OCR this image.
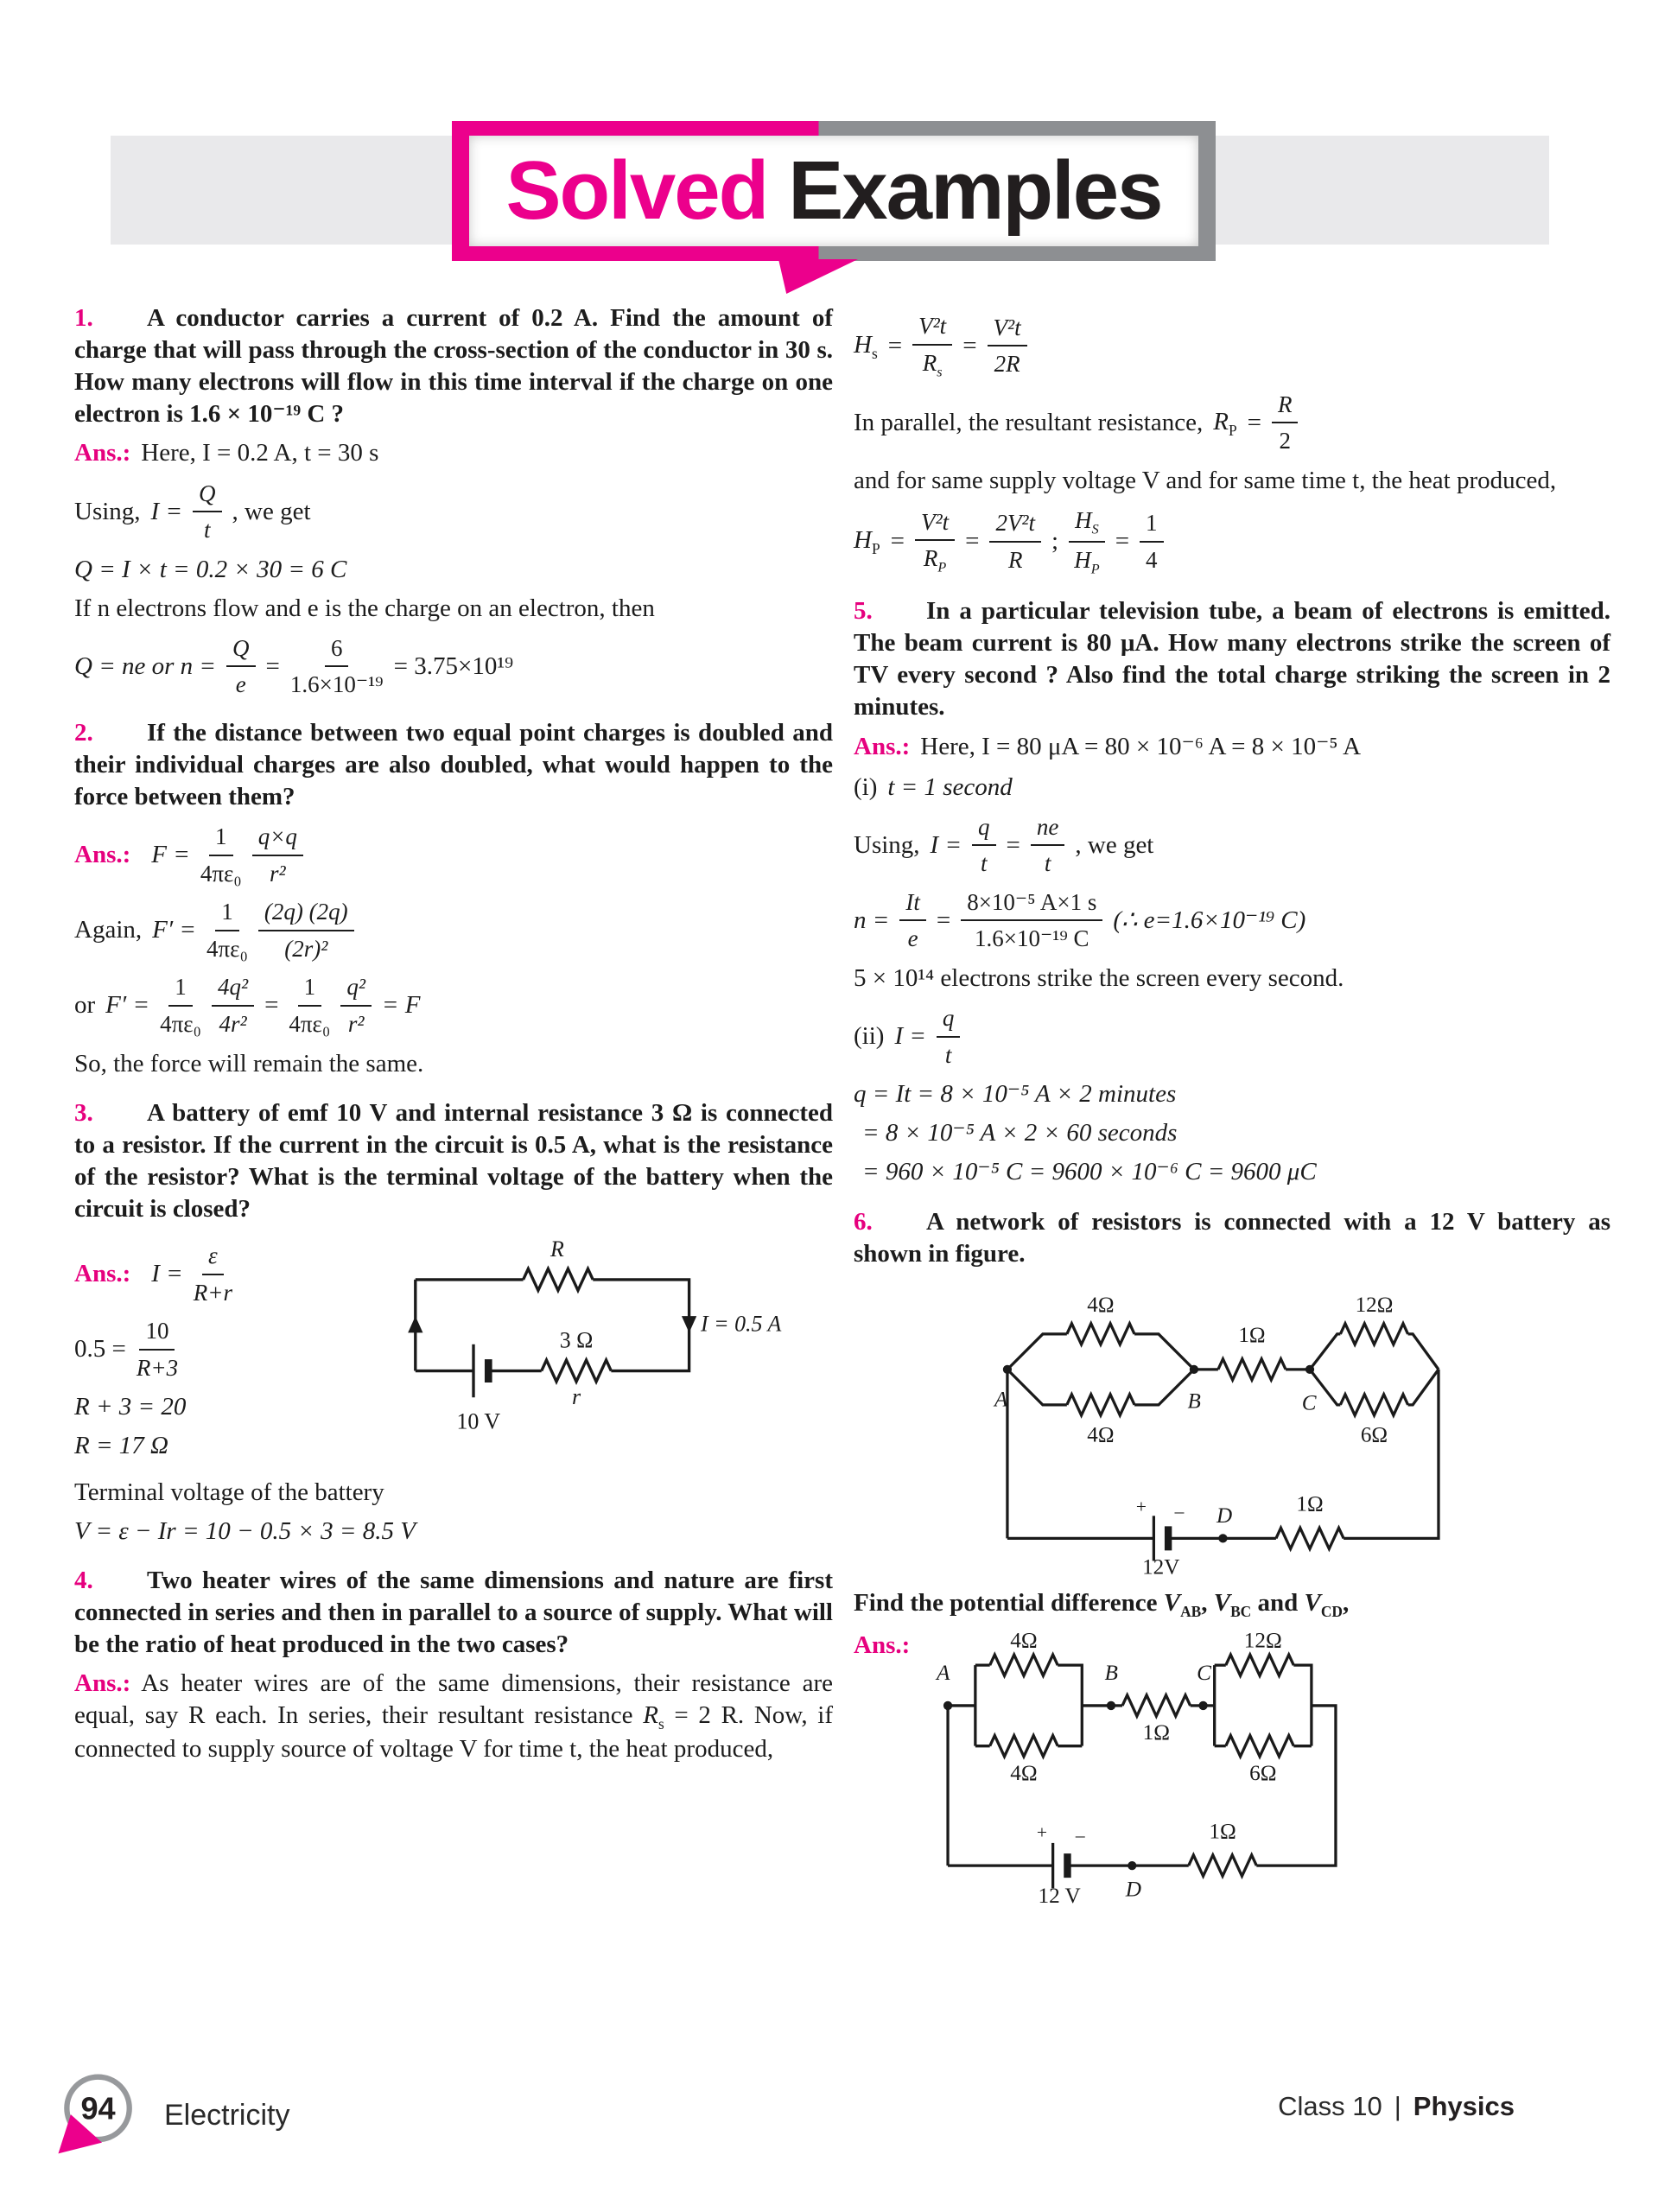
Solved Examples

1. A conductor carries a current of 0.2 A. Find the amount of charge that will pass through the cross-section of the conductor in 30 s. How many electrons will flow in this time interval if the charge on one electron is 1.6 × 10⁻¹⁹ C ?

Ans.: Here, I = 0.2 A, t = 30 s

Using, $I = \frac{Q}{t}$ , we get

Q = I × t = 0.2 × 30 = 6 C

If n electrons flow and e is the charge on an electron, then

Q = ne or $n = \frac{Q}{e} = \frac{6}{\text{1.6×10⁻¹⁹}} = 3.75\times 10^{19}$

2. If the distance between two equal point charges is doubled and their individual charges are also doubled, what would happen to the force between them?

Ans.: $F = \frac{1}{\text{4πε₀}} \frac{q\times q}{\text{r²}}$
Again, $F' = \frac{1}{\text{4πε₀}} \frac{(2q) (2q)}{\text{(2r)²}}$
or $F' = \frac{1}{\text{4πε₀}} \frac{\text{4q²}}{\text{4r²}} = \frac{1}{\text{4πε₀}} \frac{\text{q²}}{\text{r²}} = F$

So, the force will remain the same.

3. A battery of emf 10 V and internal resistance 3 Ω is connected to a resistor. If the current in the circuit is 0.5 A, what is the resistance of the resistor? What is the terminal voltage of the battery when the circuit is closed?

Ans.: $I = \frac{\varepsilon}{R+r}$
$0.5 = \frac{10}{R+3}$

R + 3 = 20

R = 17 Ω

R
I = 0.5 A
3 Ω
r
10 V

Terminal voltage of the battery

V = ε − Ir = 10 − 0.5 × 3 = 8.5 V

4. Two heater wires of the same dimensions and nature are first connected in series and then in parallel to a source of supply. What will be the ratio of heat produced in the two cases?

Ans.: As heater wires are of the same dimensions, their resistance are equal, say R each. In series, their resultant resistance $R_s = 2$ R. Now, if connected to supply source of voltage V for time t, the heat produced,

$H_s = \frac{\text{V²t}}{R_s} = \frac{\text{V²t}}{2R}$
In parallel, the resultant resistance, $R_P = \frac{R}{2}$

and for same supply voltage V and for same time t, the heat produced,

$H_P = \frac{\text{V²t}}{R_P} = \frac{\text{2V²t}}{R}$ ; $\frac{H_S}{H_P} = \frac{1}{4}$

5. In a particular television tube, a beam of electrons is emitted. The beam current is 80 μA. How many electrons strike the screen of TV every second ? Also find the total charge striking the screen in 2 minutes.

Ans.: Here, I = 80 μA = 80 × 10⁻⁶ A = 8 × 10⁻⁵ A

(i) t = 1 second
Using, $I = \frac{q}{t} = \frac{ne}{t}$ , we get
$n = \frac{It}{e} = \frac{\text{8×10⁻⁵ A×1 s}}{\text{1.6×10⁻¹⁹ C}}$ (∴ e=1.6×10⁻¹⁹ C)

5 × 10¹⁴ electrons strike the screen every second.

(ii) $I = \frac{q}{t}$

q = It = 8 × 10⁻⁵ A × 2 minutes

= 8 × 10⁻⁵ A × 2 × 60 seconds

= 960 × 10⁻⁵ C = 9600 × 10⁻⁶ C = 9600 μC

6. A network of resistors is connected with a 12 V battery as shown in figure.

4Ω
4Ω
1Ω
12Ω
6Ω
A	B	C
D
+ –
12V
1Ω

Find the potential difference $V_{AB}$, $V_{BC}$ and $V_{CD}$,

Ans.:	4Ω
4Ω
1Ω
12Ω
6Ω
A	B	C
D
+ –
12 V
1Ω
94 Electricity	Class 10 | Physics
